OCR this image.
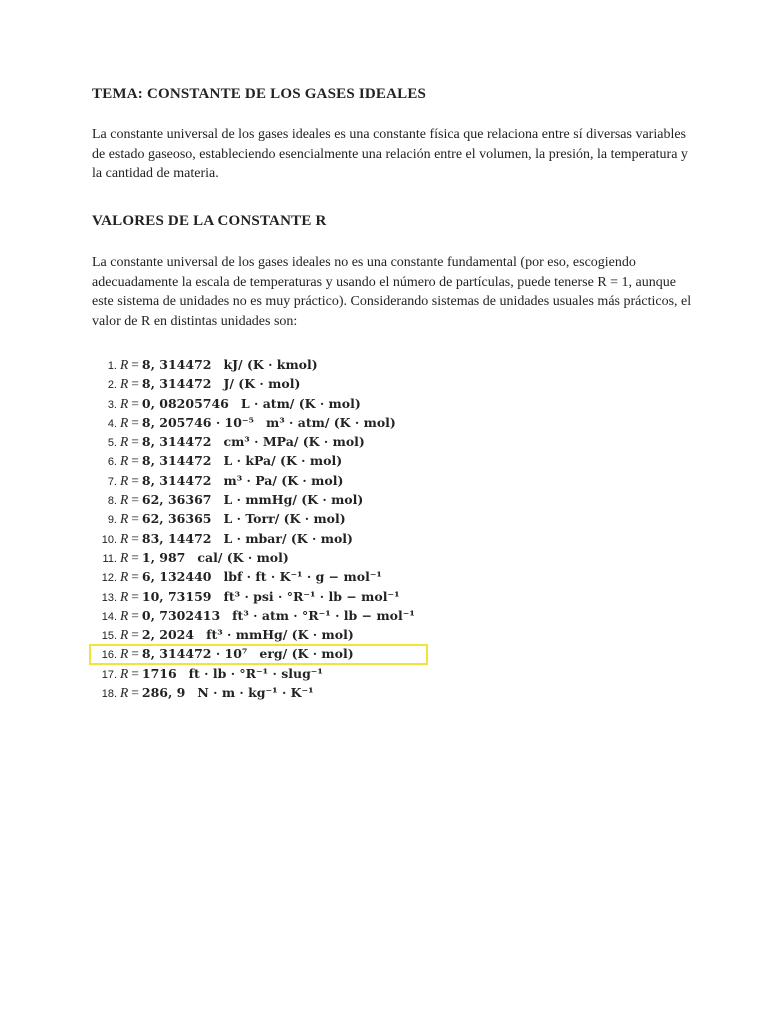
TEMA: CONSTANTE DE LOS GASES IDEALES

La constante universal de los gases ideales es una constante física que relaciona entre sí diversas variables de estado gaseoso, estableciendo esencialmente una relación entre el volumen, la presión, la temperatura y la cantidad de materia.

VALORES DE LA CONSTANTE R

La constante universal de los gases ideales no es una constante fundamental (por eso, escogiendo adecuadamente la escala de temperaturas y usando el número de partículas, puede tenerse R = 1, aunque este sistema de unidades no es muy práctico). Considerando sistemas de unidades usuales más prácticos, el valor de R en distintas unidades son:

1. R = 8, 314472 kJ/ (K · kmol)
2. R = 8, 314472 J/ (K · mol)
3. R = 0, 08205746 L · atm/ (K · mol)
4. R = 8, 205746 · 10⁻⁵ m³ · atm/ (K · mol)
5. R = 8, 314472 cm³ · MPa/ (K · mol)
6. R = 8, 314472 L · kPa/ (K · mol)
7. R = 8, 314472 m³ · Pa/ (K · mol)
8. R = 62, 36367 L · mmHg/ (K · mol)
9. R = 62, 36365 L · Torr/ (K · mol)
10. R = 83, 14472 L · mbar/ (K · mol)
11. R = 1, 987 cal/ (K · mol)
12. R = 6, 132440 lbf · ft · K⁻¹ · g − mol⁻¹
13. R = 10, 73159 ft³ · psi · °R⁻¹ · lb − mol⁻¹
14. R = 0, 7302413 ft³ · atm · °R⁻¹ · lb − mol⁻¹
15. R = 2, 2024 ft³ · mmHg/ (K · mol)
16. R = 8, 314472 · 10⁷ erg/ (K · mol)
17. R = 1716 ft · lb · °R⁻¹ · slug⁻¹
18. R = 286, 9 N · m · kg⁻¹ · K⁻¹
